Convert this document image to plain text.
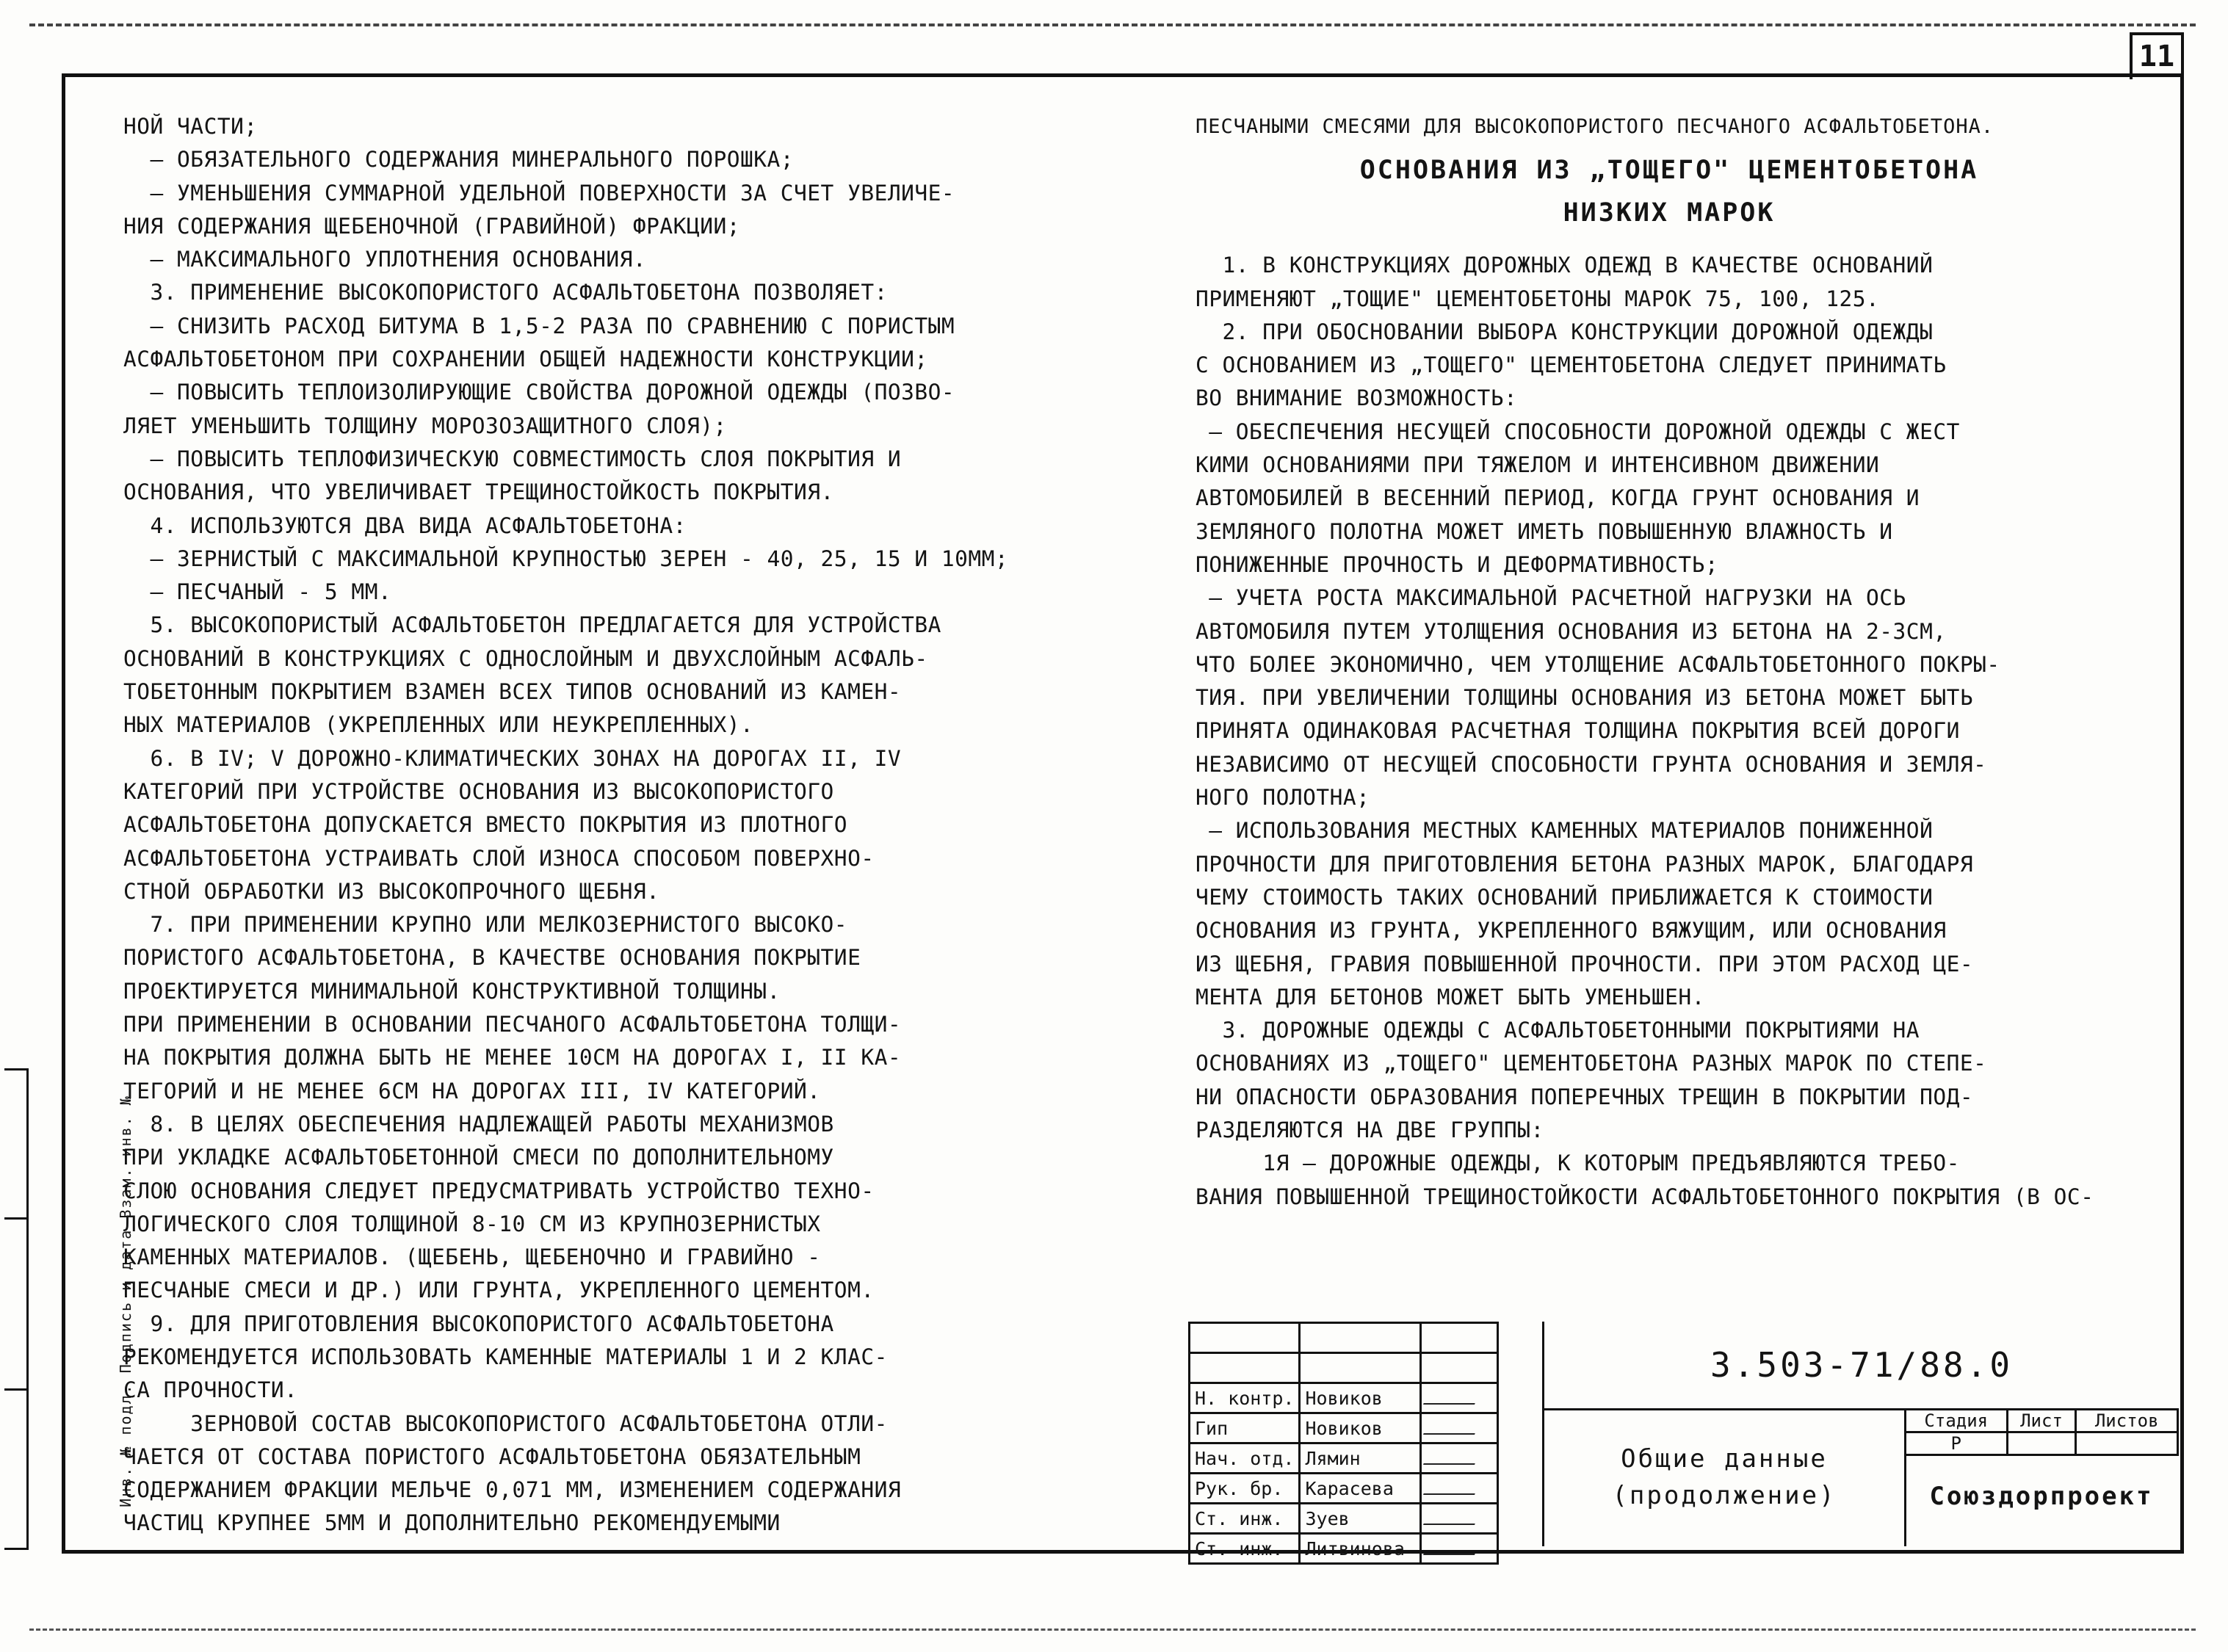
11
Инв. № подл. Подпись и дата Взам. инв. №

НОЙ ЧАСТИ;

— ОБЯЗАТЕЛЬНОГО СОДЕРЖАНИЯ МИНЕРАЛЬНОГО ПОРОШКА;

— УМЕНЬШЕНИЯ СУММАРНОЙ УДЕЛЬНОЙ ПОВЕРХНОСТИ ЗА СЧЕТ УВЕЛИЧЕ-

НИЯ СОДЕРЖАНИЯ ЩЕБЕНОЧНОЙ (ГРАВИЙНОЙ) ФРАКЦИИ;

— МАКСИМАЛЬНОГО УПЛОТНЕНИЯ ОСНОВАНИЯ.

3. ПРИМЕНЕНИЕ ВЫСОКОПОРИСТОГО АСФАЛЬТОБЕТОНА ПОЗВОЛЯЕТ:

— СНИЗИТЬ РАСХОД БИТУМА В 1,5-2 РАЗА ПО СРАВНЕНИЮ С ПОРИСТЫМ

АСФАЛЬТОБЕТОНОМ ПРИ СОХРАНЕНИИ ОБЩЕЙ НАДЕЖНОСТИ КОНСТРУКЦИИ;

— ПОВЫСИТЬ ТЕПЛОИЗОЛИРУЮЩИЕ СВОЙСТВА ДОРОЖНОЙ ОДЕЖДЫ (ПОЗВО-

ЛЯЕТ УМЕНЬШИТЬ ТОЛЩИНУ МОРОЗОЗАЩИТНОГО СЛОЯ);

— ПОВЫСИТЬ ТЕПЛОФИЗИЧЕСКУЮ СОВМЕСТИМОСТЬ СЛОЯ ПОКРЫТИЯ И

ОСНОВАНИЯ, ЧТО УВЕЛИЧИВАЕТ ТРЕЩИНОСТОЙКОСТЬ ПОКРЫТИЯ.

4. ИСПОЛЬЗУЮТСЯ ДВА ВИДА АСФАЛЬТОБЕТОНА:

— ЗЕРНИСТЫЙ С МАКСИМАЛЬНОЙ КРУПНОСТЬЮ ЗЕРЕН - 40, 25, 15 И 10ММ;

— ПЕСЧАНЫЙ - 5 ММ.

5. ВЫСОКОПОРИСТЫЙ АСФАЛЬТОБЕТОН ПРЕДЛАГАЕТСЯ ДЛЯ УСТРОЙСТВА

ОСНОВАНИЙ В КОНСТРУКЦИЯХ С ОДНОСЛОЙНЫМ И ДВУХСЛОЙНЫМ АСФАЛЬ-

ТОБЕТОННЫМ ПОКРЫТИЕМ ВЗАМЕН ВСЕХ ТИПОВ ОСНОВАНИЙ ИЗ КАМЕН-

НЫХ МАТЕРИАЛОВ (УКРЕПЛЕННЫХ ИЛИ НЕУКРЕПЛЕННЫХ).

6. В IV; V ДОРОЖНО-КЛИМАТИЧЕСКИХ ЗОНАХ НА ДОРОГАХ II, IV

КАТЕГОРИЙ ПРИ УСТРОЙСТВЕ ОСНОВАНИЯ ИЗ ВЫСОКОПОРИСТОГО

АСФАЛЬТОБЕТОНА ДОПУСКАЕТСЯ ВМЕСТО ПОКРЫТИЯ ИЗ ПЛОТНОГО

АСФАЛЬТОБЕТОНА УСТРАИВАТЬ СЛОЙ ИЗНОСА СПОСОБОМ ПОВЕРХНО-

СТНОЙ ОБРАБОТКИ ИЗ ВЫСОКОПРОЧНОГО ЩЕБНЯ.

7. ПРИ ПРИМЕНЕНИИ КРУПНО ИЛИ МЕЛКОЗЕРНИСТОГО ВЫСОКО-

ПОРИСТОГО АСФАЛЬТОБЕТОНА, В КАЧЕСТВЕ ОСНОВАНИЯ ПОКРЫТИЕ

ПРОЕКТИРУЕТСЯ МИНИМАЛЬНОЙ КОНСТРУКТИВНОЙ ТОЛЩИНЫ.

ПРИ ПРИМЕНЕНИИ В ОСНОВАНИИ ПЕСЧАНОГО АСФАЛЬТОБЕТОНА ТОЛЩИ-

НА ПОКРЫТИЯ ДОЛЖНА БЫТЬ НЕ МЕНЕЕ 10СМ НА ДОРОГАХ I, II КА-

ТЕГОРИЙ И НЕ МЕНЕЕ 6СМ НА ДОРОГАХ III, IV КАТЕГОРИЙ.

8. В ЦЕЛЯХ ОБЕСПЕЧЕНИЯ НАДЛЕЖАЩЕЙ РАБОТЫ МЕХАНИЗМОВ

ПРИ УКЛАДКЕ АСФАЛЬТОБЕТОННОЙ СМЕСИ ПО ДОПОЛНИТЕЛЬНОМУ

СЛОЮ ОСНОВАНИЯ СЛЕДУЕТ ПРЕДУСМАТРИВАТЬ УСТРОЙСТВО ТЕХНО-

ЛОГИЧЕСКОГО СЛОЯ ТОЛЩИНОЙ 8-10 СМ ИЗ КРУПНОЗЕРНИСТЫХ

КАМЕННЫХ МАТЕРИАЛОВ. (ЩЕБЕНЬ, ЩЕБЕНОЧНО И ГРАВИЙНО -

ПЕСЧАНЫЕ СМЕСИ И ДР.) ИЛИ ГРУНТА, УКРЕПЛЕННОГО ЦЕМЕНТОМ.

9. ДЛЯ ПРИГОТОВЛЕНИЯ ВЫСОКОПОРИСТОГО АСФАЛЬТОБЕТОНА

РЕКОМЕНДУЕТСЯ ИСПОЛЬЗОВАТЬ КАМЕННЫЕ МАТЕРИАЛЫ 1 И 2 КЛАС-

СА ПРОЧНОСТИ.

ЗЕРНОВОЙ СОСТАВ ВЫСОКОПОРИСТОГО АСФАЛЬТОБЕТОНА ОТЛИ-

ЧАЕТСЯ ОТ СОСТАВА ПОРИСТОГО АСФАЛЬТОБЕТОНА ОБЯЗАТЕЛЬНЫМ

СОДЕРЖАНИЕМ ФРАКЦИИ МЕЛЬЧЕ 0,071 ММ, ИЗМЕНЕНИЕМ СОДЕРЖАНИЯ

ЧАСТИЦ КРУПНЕЕ 5ММ И ДОПОЛНИТЕЛЬНО РЕКОМЕНДУЕМЫМИ

ПЕСЧАНЫМИ СМЕСЯМИ ДЛЯ ВЫСОКОПОРИСТОГО ПЕСЧАНОГО АСФАЛЬТОБЕТОНА.

ОСНОВАНИЯ ИЗ „ТОЩЕГО" ЦЕМЕНТОБЕТОНА

НИЗКИХ МАРОК

1. В КОНСТРУКЦИЯХ ДОРОЖНЫХ ОДЕЖД В КАЧЕСТВЕ ОСНОВАНИЙ

ПРИМЕНЯЮТ „ТОЩИЕ" ЦЕМЕНТОБЕТОНЫ МАРОК 75, 100, 125.

2. ПРИ ОБОСНОВАНИИ ВЫБОРА КОНСТРУКЦИИ ДОРОЖНОЙ ОДЕЖДЫ

С ОСНОВАНИЕМ ИЗ „ТОЩЕГО" ЦЕМЕНТОБЕТОНА СЛЕДУЕТ ПРИНИМАТЬ

ВО ВНИМАНИЕ ВОЗМОЖНОСТЬ:

— ОБЕСПЕЧЕНИЯ НЕСУЩЕЙ СПОСОБНОСТИ ДОРОЖНОЙ ОДЕЖДЫ С ЖЕСТ

КИМИ ОСНОВАНИЯМИ ПРИ ТЯЖЕЛОМ И ИНТЕНСИВНОМ ДВИЖЕНИИ

АВТОМОБИЛЕЙ В ВЕСЕННИЙ ПЕРИОД, КОГДА ГРУНТ ОСНОВАНИЯ И

ЗЕМЛЯНОГО ПОЛОТНА МОЖЕТ ИМЕТЬ ПОВЫШЕННУЮ ВЛАЖНОСТЬ И

ПОНИЖЕННЫЕ ПРОЧНОСТЬ И ДЕФОРМАТИВНОСТЬ;

— УЧЕТА РОСТА МАКСИМАЛЬНОЙ РАСЧЕТНОЙ НАГРУЗКИ НА ОСЬ

АВТОМОБИЛЯ ПУТЕМ УТОЛЩЕНИЯ ОСНОВАНИЯ ИЗ БЕТОНА НА 2-3СМ,

ЧТО БОЛЕЕ ЭКОНОМИЧНО, ЧЕМ УТОЛЩЕНИЕ АСФАЛЬТОБЕТОННОГО ПОКРЫ-

ТИЯ. ПРИ УВЕЛИЧЕНИИ ТОЛЩИНЫ ОСНОВАНИЯ ИЗ БЕТОНА МОЖЕТ БЫТЬ

ПРИНЯТА ОДИНАКОВАЯ РАСЧЕТНАЯ ТОЛЩИНА ПОКРЫТИЯ ВСЕЙ ДОРОГИ

НЕЗАВИСИМО ОТ НЕСУЩЕЙ СПОСОБНОСТИ ГРУНТА ОСНОВАНИЯ И ЗЕМЛЯ-

НОГО ПОЛОТНА;

— ИСПОЛЬЗОВАНИЯ МЕСТНЫХ КАМЕННЫХ МАТЕРИАЛОВ ПОНИЖЕННОЙ

ПРОЧНОСТИ ДЛЯ ПРИГОТОВЛЕНИЯ БЕТОНА РАЗНЫХ МАРОК, БЛАГОДАРЯ

ЧЕМУ СТОИМОСТЬ ТАКИХ ОСНОВАНИЙ ПРИБЛИЖАЕТСЯ К СТОИМОСТИ

ОСНОВАНИЯ ИЗ ГРУНТА, УКРЕПЛЕННОГО ВЯЖУЩИМ, ИЛИ ОСНОВАНИЯ

ИЗ ЩЕБНЯ, ГРАВИЯ ПОВЫШЕННОЙ ПРОЧНОСТИ. ПРИ ЭТОМ РАСХОД ЦЕ-

МЕНТА ДЛЯ БЕТОНОВ МОЖЕТ БЫТЬ УМЕНЬШЕН.

3. ДОРОЖНЫЕ ОДЕЖДЫ С АСФАЛЬТОБЕТОННЫМИ ПОКРЫТИЯМИ НА

ОСНОВАНИЯХ ИЗ „ТОЩЕГО" ЦЕМЕНТОБЕТОНА РАЗНЫХ МАРОК ПО СТЕПЕ-

НИ ОПАСНОСТИ ОБРАЗОВАНИЯ ПОПЕРЕЧНЫХ ТРЕЩИН В ПОКРЫТИИ ПОД-

РАЗДЕЛЯЮТСЯ НА ДВЕ ГРУППЫ:

1Я — ДОРОЖНЫЕ ОДЕЖДЫ, К КОТОРЫМ ПРЕДЪЯВЛЯЮТСЯ ТРЕБО-

ВАНИЯ ПОВЫШЕННОЙ ТРЕЩИНОСТОЙКОСТИ АСФАЛЬТОБЕТОННОГО ПОКРЫТИЯ (В ОС-

Н. контр.	Новиков	
Гип	Новиков	
Нач. отд.	Лямин	
Рук. бр.	Карасева	
Ст. инж.	Зуев	
Ст. инж.	Литвинова	
3.503-71/88.0
Общие данные
(продолжение)
Стадия	Лист	Листов
Р		
Союздорпроект
